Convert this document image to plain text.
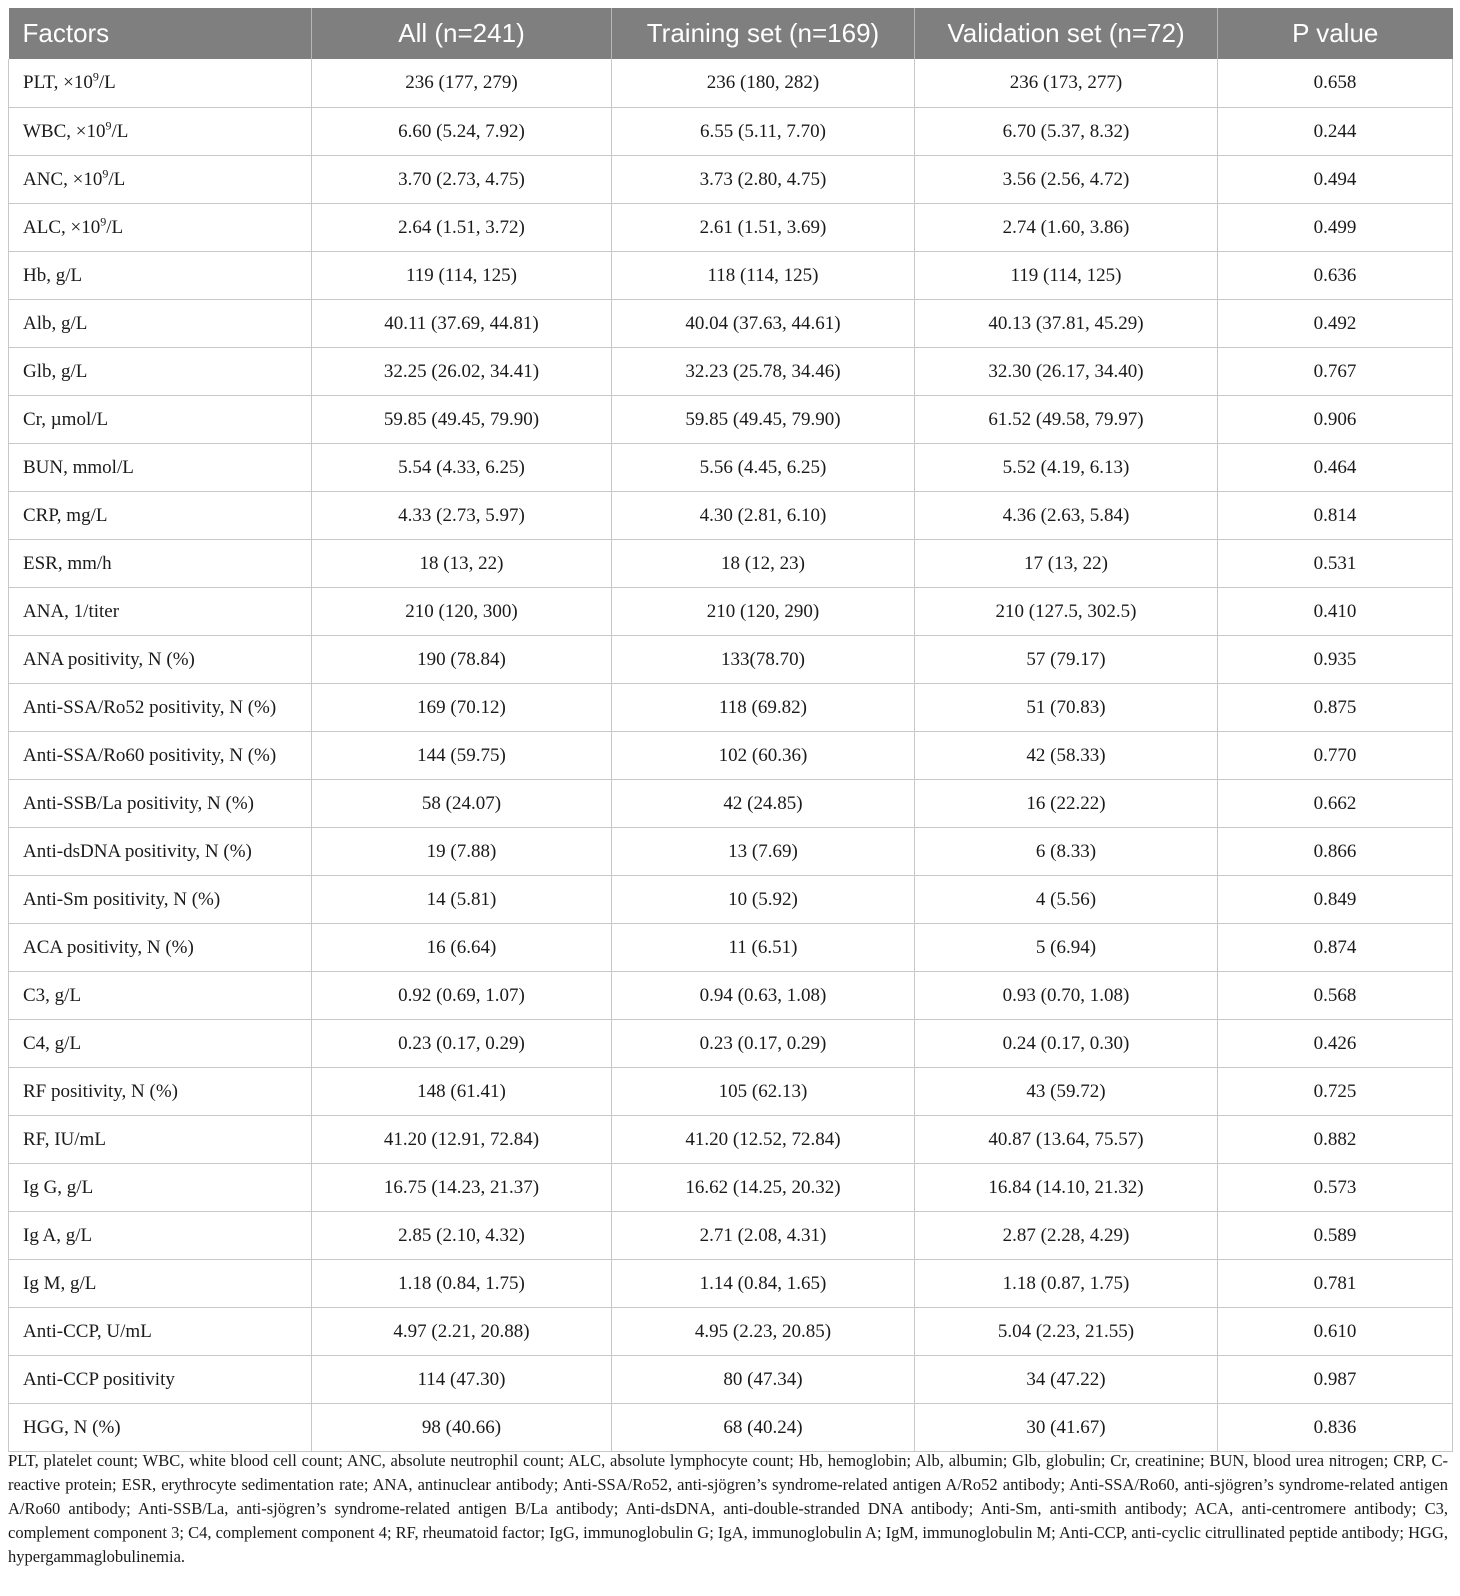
Factors	All (n=241)	Training set (n=169)	Validation set (n=72)	P value
PLT, $\times 10^9/L$	236 (177, 279)	236 (180, 282)	236 (173, 277)	0.658
WBC, $\times 10^9/L$	6.60 (5.24, 7.92)	6.55 (5.11, 7.70)	6.70 (5.37, 8.32)	0.244
ANC, $\times 10^9/L$	3.70 (2.73, 4.75)	3.73 (2.80, 4.75)	3.56 (2.56, 4.72)	0.494
ALC, $\times 10^9/L$	2.64 (1.51, 3.72)	2.61 (1.51, 3.69)	2.74 (1.60, 3.86)	0.499
Hb, g/L	119 (114, 125)	118 (114, 125)	119 (114, 125)	0.636
Alb, g/L	40.11 (37.69, 44.81)	40.04 (37.63, 44.61)	40.13 (37.81, 45.29)	0.492
Glb, g/L	32.25 (26.02, 34.41)	32.23 (25.78, 34.46)	32.30 (26.17, 34.40)	0.767
Cr, µmol/L	59.85 (49.45, 79.90)	59.85 (49.45, 79.90)	61.52 (49.58, 79.97)	0.906
BUN, mmol/L	5.54 (4.33, 6.25)	5.56 (4.45, 6.25)	5.52 (4.19, 6.13)	0.464
CRP, mg/L	4.33 (2.73, 5.97)	4.30 (2.81, 6.10)	4.36 (2.63, 5.84)	0.814
ESR, mm/h	18 (13, 22)	18 (12, 23)	17 (13, 22)	0.531
ANA, 1/titer	210 (120, 300)	210 (120, 290)	210 (127.5, 302.5)	0.410
ANA positivity, N (%)	190 (78.84)	133(78.70)	57 (79.17)	0.935
Anti-SSA/Ro52 positivity, N (%)	169 (70.12)	118 (69.82)	51 (70.83)	0.875
Anti-SSA/Ro60 positivity, N (%)	144 (59.75)	102 (60.36)	42 (58.33)	0.770
Anti-SSB/La positivity, N (%)	58 (24.07)	42 (24.85)	16 (22.22)	0.662
Anti-dsDNA positivity, N (%)	19 (7.88)	13 (7.69)	6 (8.33)	0.866
Anti-Sm positivity, N (%)	14 (5.81)	10 (5.92)	4 (5.56)	0.849
ACA positivity, N (%)	16 (6.64)	11 (6.51)	5 (6.94)	0.874
C3, g/L	0.92 (0.69, 1.07)	0.94 (0.63, 1.08)	0.93 (0.70, 1.08)	0.568
C4, g/L	0.23 (0.17, 0.29)	0.23 (0.17, 0.29)	0.24 (0.17, 0.30)	0.426
RF positivity, N (%)	148 (61.41)	105 (62.13)	43 (59.72)	0.725
RF, IU/mL	41.20 (12.91, 72.84)	41.20 (12.52, 72.84)	40.87 (13.64, 75.57)	0.882
Ig G, g/L	16.75 (14.23, 21.37)	16.62 (14.25, 20.32)	16.84 (14.10, 21.32)	0.573
Ig A, g/L	2.85 (2.10, 4.32)	2.71 (2.08, 4.31)	2.87 (2.28, 4.29)	0.589
Ig M, g/L	1.18 (0.84, 1.75)	1.14 (0.84, 1.65)	1.18 (0.87, 1.75)	0.781
Anti-CCP, U/mL	4.97 (2.21, 20.88)	4.95 (2.23, 20.85)	5.04 (2.23, 21.55)	0.610
Anti-CCP positivity	114 (47.30)	80 (47.34)	34 (47.22)	0.987
HGG, N (%)	98 (40.66)	68 (40.24)	30 (41.67)	0.836
PLT, platelet count; WBC, white blood cell count; ANC, absolute neutrophil count; ALC, absolute lymphocyte count; Hb, hemoglobin; Alb, albumin; Glb, globulin; Cr, creatinine; BUN, blood urea nitrogen; CRP, C-reactive protein; ESR, erythrocyte sedimentation rate; ANA, antinuclear antibody; Anti-SSA/Ro52, anti-sjögren’s syndrome-related antigen A/Ro52 antibody; Anti-SSA/Ro60, anti-sjögren’s syndrome-related antigen A/Ro60 antibody; Anti-SSB/La, anti-sjögren’s syndrome-related antigen B/La antibody; Anti-dsDNA, anti-double-stranded DNA antibody; Anti-Sm, anti-smith antibody; ACA, anti-centromere antibody; C3, complement component 3; C4, complement component 4; RF, rheumatoid factor; IgG, immunoglobulin G; IgA, immunoglobulin A; IgM, immunoglobulin M; Anti-CCP, anti-cyclic citrullinated peptide antibody; HGG, hypergammaglobulinemia.
